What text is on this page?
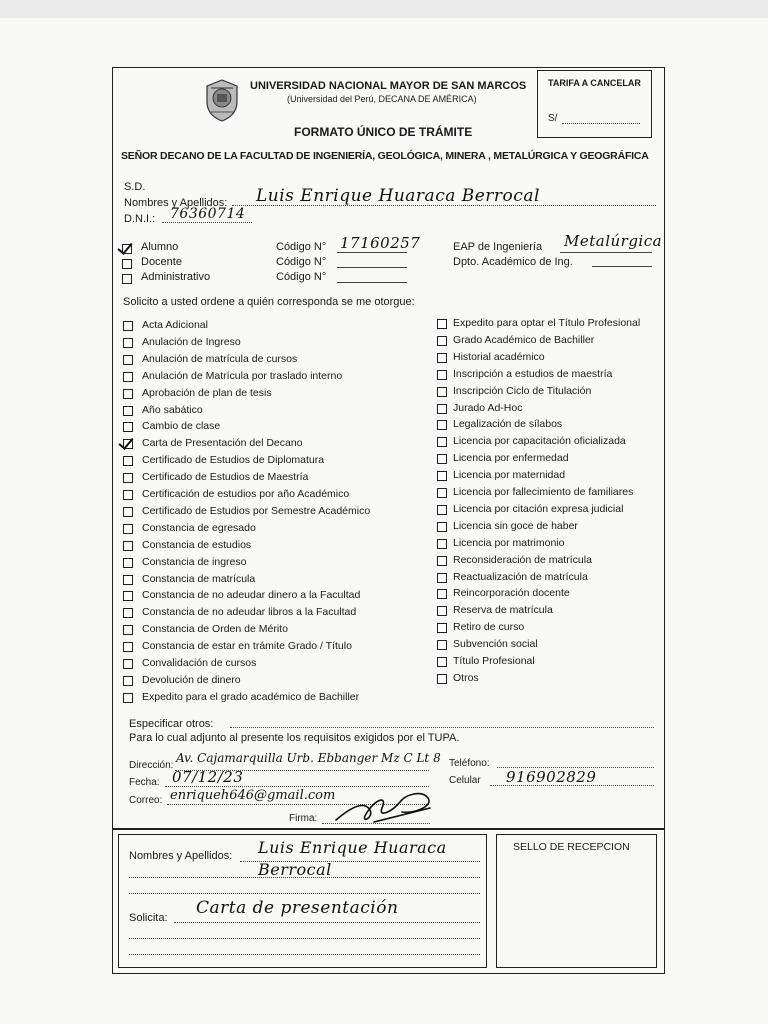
UNIVERSIDAD NACIONAL MAYOR DE SAN MARCOS
(Universidad del Perú, DECANA DE AMÉRICA)
FORMATO ÚNICO DE TRÁMITE
TARIFA A CANCELAR
S/
SEÑOR DECANO DE LA FACULTAD DE INGENIERÍA, GEOLÓGICA, MINERA , METALÚRGICA Y GEOGRÁFICA
S.D.
Nombres y Apellidos: Luis Enrique Huaraca Berrocal
D.N.I.: 76360714
Alumno
Docente
Administrativo
Código N° 17160257
Código N°
Código N°
EAP de Ingeniería Metalúrgica
Dpto. Académico de Ing.
Solicito a usted ordene a quién corresponda se me otorgue:
Acta Adicional
Anulación de Ingreso
Anulación de matrícula de cursos
Anulación de Matrícula por traslado interno
Aprobación de plan de tesis
Año sabático
Cambio de clase
Carta de Presentación del Decano
Certificado de Estudios de Diplomatura
Certificado de Estudios de Maestría
Certificación de estudios por año Académico
Certificado de Estudios por Semestre Académico
Constancia de egresado
Constancia de estudios
Constancia de ingreso
Constancia de matrícula
Constancia de no adeudar dinero a la Facultad
Constancia de no adeudar libros a la Facultad
Constancia de Orden de Mérito
Constancia de estar en trámite Grado / Título
Convalidación de cursos
Devolución de dinero
Expedito para el grado académico de Bachiller
Expedito para optar el Título Profesional
Grado Académico de Bachiller
Historial académico
Inscripción a estudios de maestría
Inscripción Ciclo de Titulación
Jurado Ad-Hoc
Legalización de sílabos
Licencia por capacitación oficializada
Licencia por enfermedad
Licencia por maternidad
Licencia por fallecimiento de familiares
Licencia por citación expresa judicial
Licencia sin goce de haber
Licencia por matrimonio
Reconsideración de matrícula
Reactualización de matrícula
Reincorporación docente
Reserva de matrícula
Retiro de curso
Subvención social
Título Profesional
Otros
Especificar otros:
Para lo cual adjunto al presente los requisitos exigidos por el TUPA.
Dirección:
Av. Cajamarquilla Urb. Ebbanger Mz C Lt 8 Teléfono:
Fecha: 07/12/23	Celular 916902829
Correo: enriqueh646@gmail.com
Firma:
SELLO DE RECEPCION
Nombres y Apellidos: Luis Enrique Huaraca
Berrocal
Solicita: Carta de presentación
